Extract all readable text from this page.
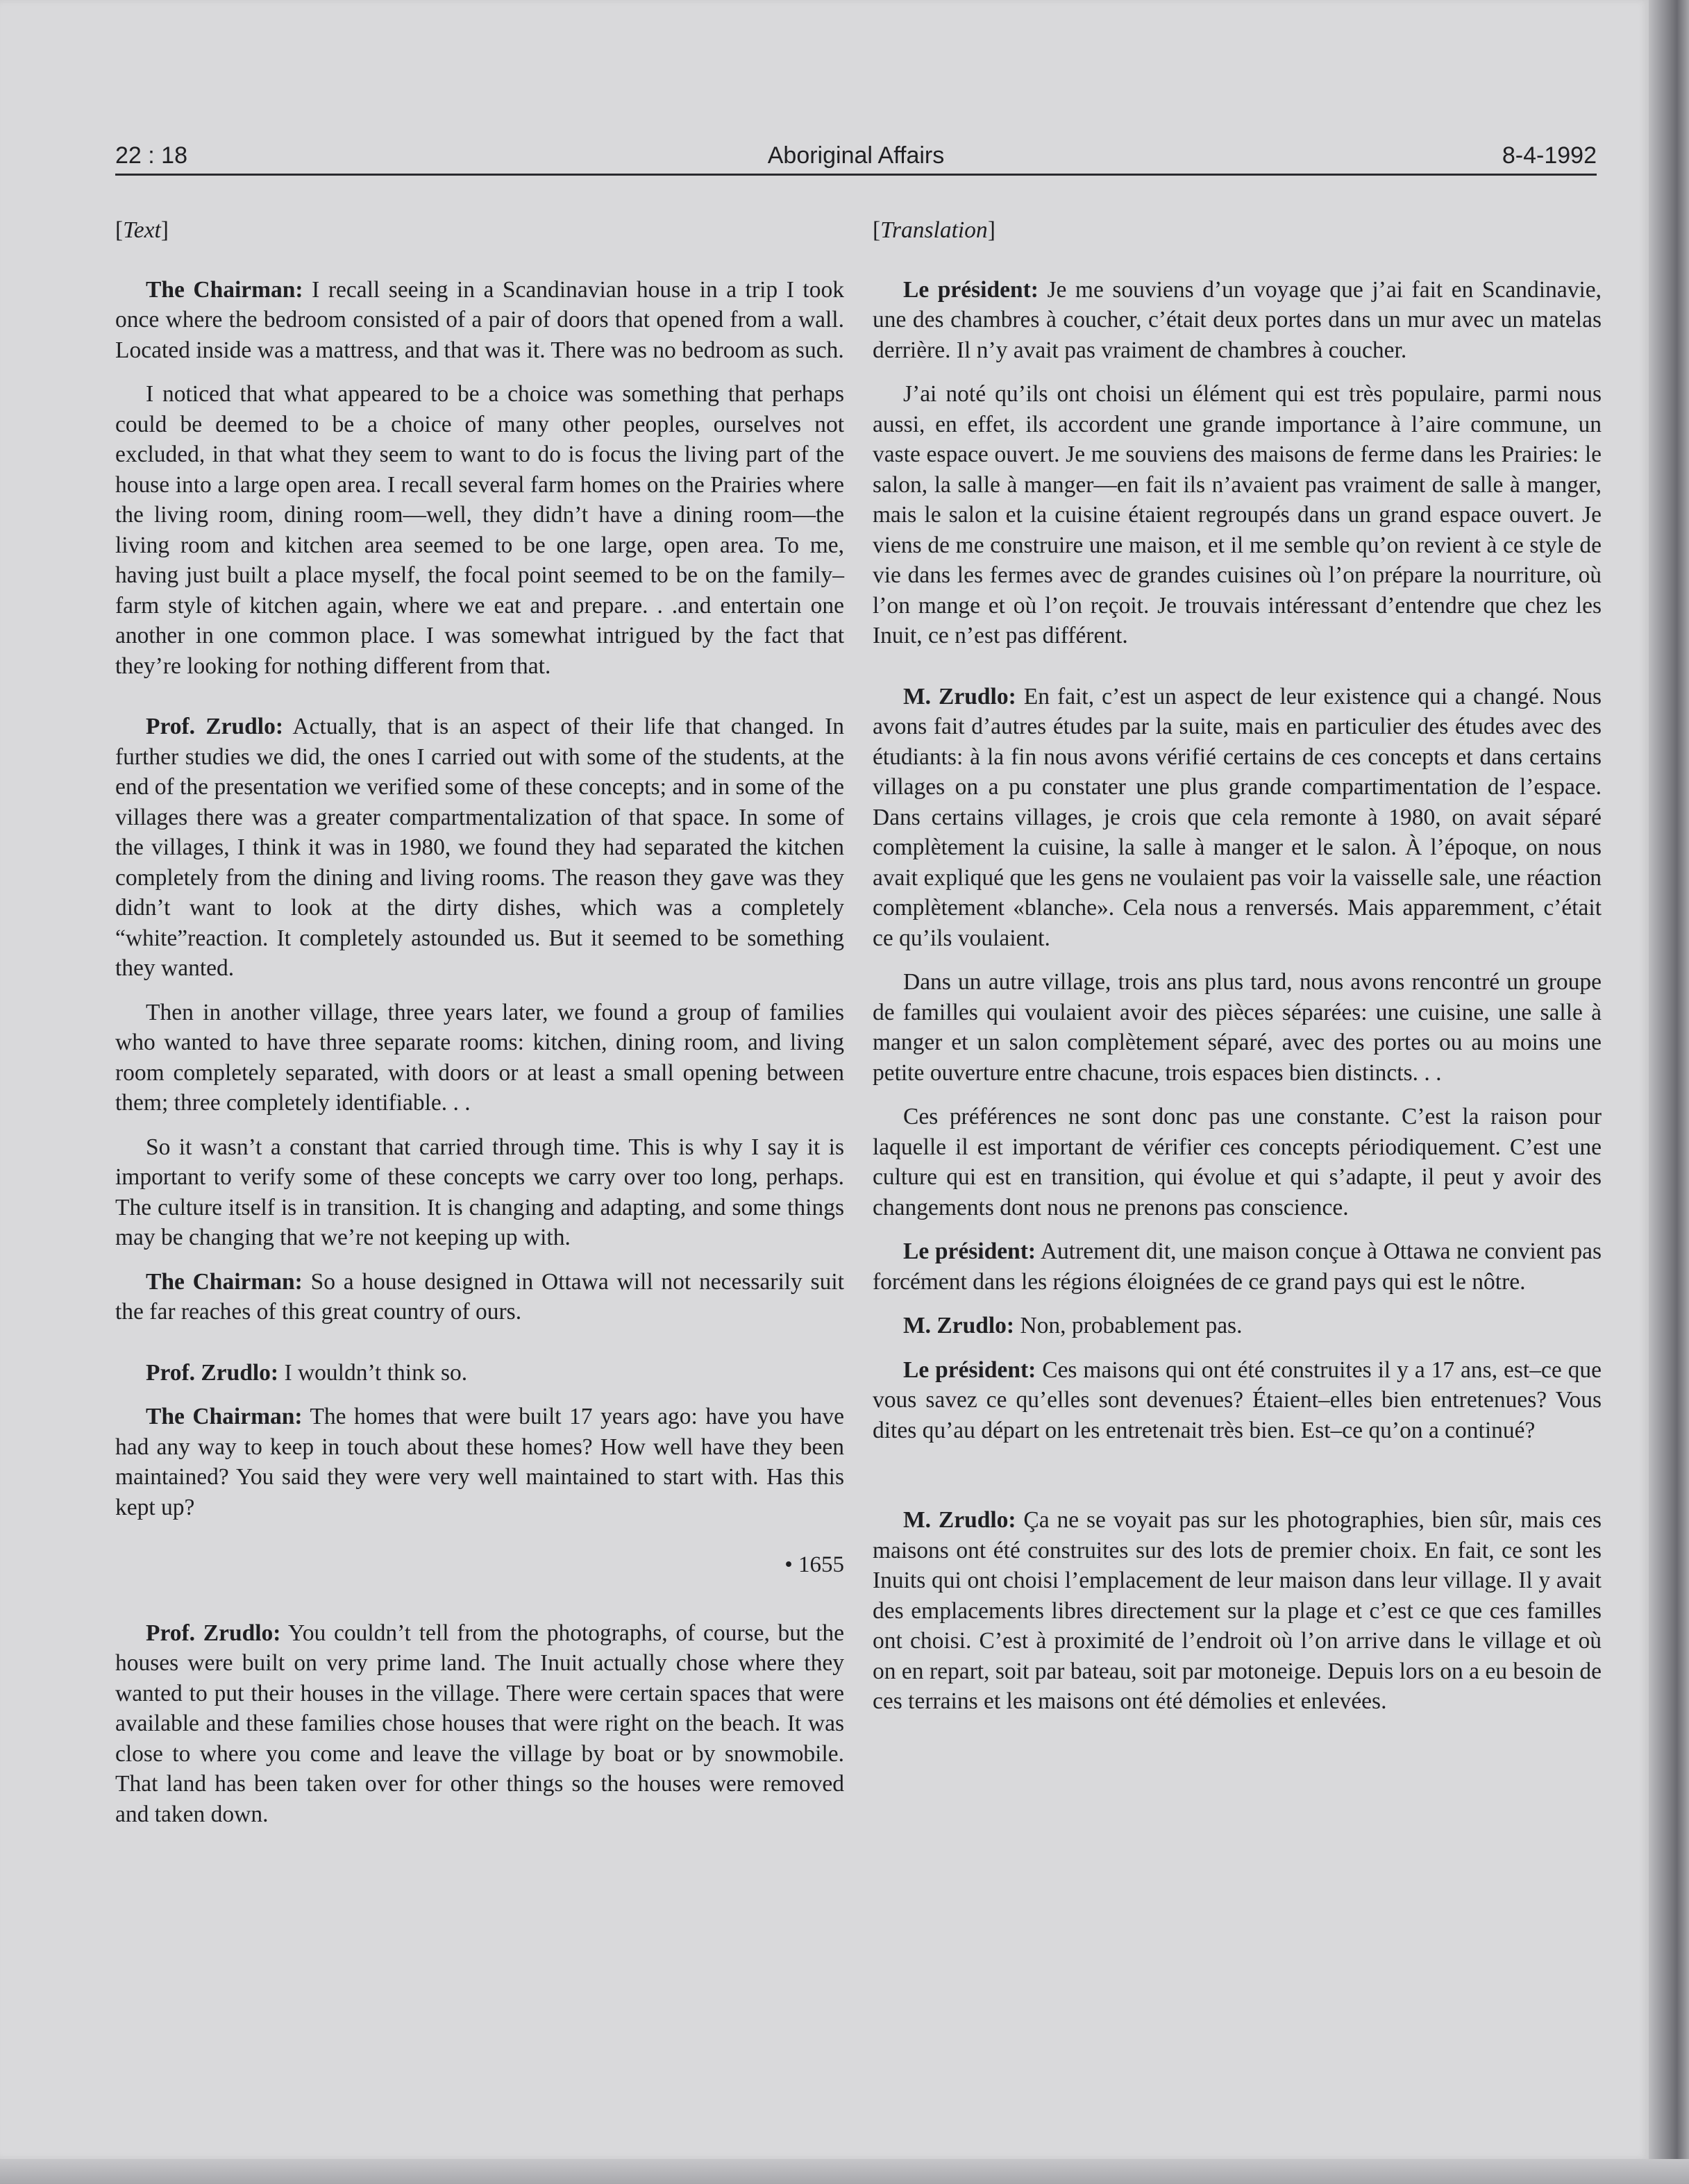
22 : 18	Aboriginal Affairs	8-4-1992

[Text]

The Chairman: I recall seeing in a Scandinavian house in a trip I took once where the bedroom consisted of a pair of doors that opened from a wall. Located inside was a mattress, and that was it. There was no bedroom as such.

I noticed that what appeared to be a choice was something that perhaps could be deemed to be a choice of many other peoples, ourselves not excluded, in that what they seem to want to do is focus the living part of the house into a large open area. I recall several farm homes on the Prairies where the living room, dining room—well, they didn’t have a dining room—the living room and kitchen area seemed to be one large, open area. To me, having just built a place myself, the focal point seemed to be on the family–farm style of kitchen again, where we eat and prepare. . .and entertain one another in one common place. I was somewhat intrigued by the fact that they’re looking for nothing different from that.

Prof. Zrudlo: Actually, that is an aspect of their life that changed. In further studies we did, the ones I carried out with some of the students, at the end of the presentation we verified some of these concepts; and in some of the villages there was a greater compartmentalization of that space. In some of the villages, I think it was in 1980, we found they had separated the kitchen completely from the dining and living rooms. The reason they gave was they didn’t want to look at the dirty dishes, which was a completely “white”reaction. It completely astounded us. But it seemed to be something they wanted.

Then in another village, three years later, we found a group of families who wanted to have three separate rooms: kitchen, dining room, and living room completely separated, with doors or at least a small opening between them; three completely identifiable. . .

So it wasn’t a constant that carried through time. This is why I say it is important to verify some of these concepts we carry over too long, perhaps. The culture itself is in transition. It is changing and adapting, and some things may be changing that we’re not keeping up with.

The Chairman: So a house designed in Ottawa will not necessarily suit the far reaches of this great country of ours.

Prof. Zrudlo: I wouldn’t think so.

The Chairman: The homes that were built 17 years ago: have you have had any way to keep in touch about these homes? How well have they been maintained? You said they were very well maintained to start with. Has this kept up?

• 1655

Prof. Zrudlo: You couldn’t tell from the photographs, of course, but the houses were built on very prime land. The Inuit actually chose where they wanted to put their houses in the village. There were certain spaces that were available and these families chose houses that were right on the beach. It was close to where you come and leave the village by boat or by snowmobile. That land has been taken over for other things so the houses were removed and taken down.

[Translation]

Le président: Je me souviens d’un voyage que j’ai fait en Scandinavie, une des chambres à coucher, c’était deux portes dans un mur avec un matelas derrière. Il n’y avait pas vraiment de chambres à coucher.

J’ai noté qu’ils ont choisi un élément qui est très populaire, parmi nous aussi, en effet, ils accordent une grande importance à l’aire commune, un vaste espace ouvert. Je me souviens des maisons de ferme dans les Prairies: le salon, la salle à manger—en fait ils n’avaient pas vraiment de salle à manger, mais le salon et la cuisine étaient regroupés dans un grand espace ouvert. Je viens de me construire une maison, et il me semble qu’on revient à ce style de vie dans les fermes avec de grandes cuisines où l’on prépare la nourriture, où l’on mange et où l’on reçoit. Je trouvais intéressant d’entendre que chez les Inuit, ce n’est pas différent.

M. Zrudlo: En fait, c’est un aspect de leur existence qui a changé. Nous avons fait d’autres études par la suite, mais en particulier des études avec des étudiants: à la fin nous avons vérifié certains de ces concepts et dans certains villages on a pu constater une plus grande compartimentation de l’espace. Dans certains villages, je crois que cela remonte à 1980, on avait séparé complètement la cuisine, la salle à manger et le salon. À l’époque, on nous avait expliqué que les gens ne voulaient pas voir la vaisselle sale, une réaction complètement «blanche». Cela nous a renversés. Mais apparemment, c’était ce qu’ils voulaient.

Dans un autre village, trois ans plus tard, nous avons rencontré un groupe de familles qui voulaient avoir des pièces séparées: une cuisine, une salle à manger et un salon complètement séparé, avec des portes ou au moins une petite ouverture entre chacune, trois espaces bien distincts. . .

Ces préférences ne sont donc pas une constante. C’est la raison pour laquelle il est important de vérifier ces concepts périodiquement. C’est une culture qui est en transition, qui évolue et qui s’adapte, il peut y avoir des changements dont nous ne prenons pas conscience.

Le président: Autrement dit, une maison conçue à Ottawa ne convient pas forcément dans les régions éloignées de ce grand pays qui est le nôtre.

M. Zrudlo: Non, probablement pas.

Le président: Ces maisons qui ont été construites il y a 17 ans, est–ce que vous savez ce qu’elles sont devenues? Étaient–elles bien entretenues? Vous dites qu’au départ on les entretenait très bien. Est–ce qu’on a continué?

M. Zrudlo: Ça ne se voyait pas sur les photographies, bien sûr, mais ces maisons ont été construites sur des lots de premier choix. En fait, ce sont les Inuits qui ont choisi l’emplacement de leur maison dans leur village. Il y avait des emplacements libres directement sur la plage et c’est ce que ces familles ont choisi. C’est à proximité de l’endroit où l’on arrive dans le village et où on en repart, soit par bateau, soit par motoneige. Depuis lors on a eu besoin de ces terrains et les maisons ont été démolies et enlevées.
